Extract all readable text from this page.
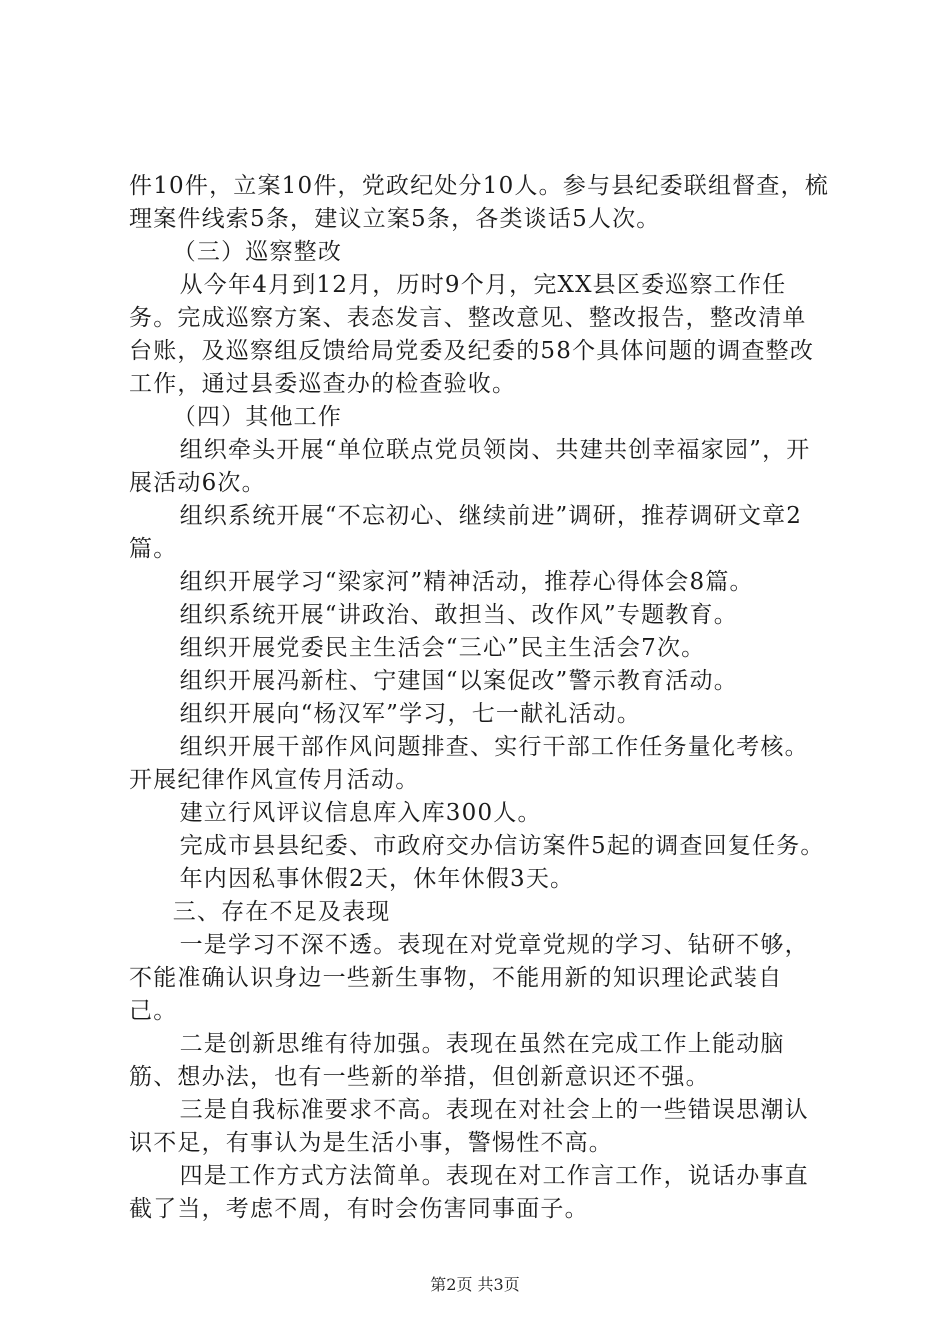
件10件，立案10件，党政纪处分10人。参与县纪委联组督查，梳理案件线索5条，建议立案5条，各类谈话5人次。

（三）巡察整改

从今年4月到12月，历时9个月，完XX县区委巡察工作任务。完成巡察方案、表态发言、整改意见、整改报告，整改清单台账，及巡察组反馈给局党委及纪委的58个具体问题的调查整改工作，通过县委巡查办的检查验收。

（四）其他工作

组织牵头开展“单位联点党员领岗、共建共创幸福家园”，开展活动6次。

组织系统开展“不忘初心、继续前进”调研，推荐调研文章2篇。

组织开展学习“梁家河”精神活动，推荐心得体会8篇。

组织系统开展“讲政治、敢担当、改作风”专题教育。

组织开展党委民主生活会“三心”民主生活会7次。

组织开展冯新柱、宁建国“以案促改”警示教育活动。

组织开展向“杨汉军”学习，七一献礼活动。

组织开展干部作风问题排查、实行干部工作任务量化考核。开展纪律作风宣传月活动。

建立行风评议信息库入库300人。

完成市县县纪委、市政府交办信访案件5起的调查回复任务。

年内因私事休假2天，休年休假3天。

三、存在不足及表现

一是学习不深不透。表现在对党章党规的学习、钻研不够，不能准确认识身边一些新生事物，不能用新的知识理论武装自己。

二是创新思维有待加强。表现在虽然在完成工作上能动脑筋、想办法，也有一些新的举措，但创新意识还不强。

三是自我标准要求不高。表现在对社会上的一些错误思潮认识不足，有事认为是生活小事，警惕性不高。

四是工作方式方法简单。表现在对工作言工作，说话办事直截了当，考虑不周，有时会伤害同事面子。

第2页 共3页
